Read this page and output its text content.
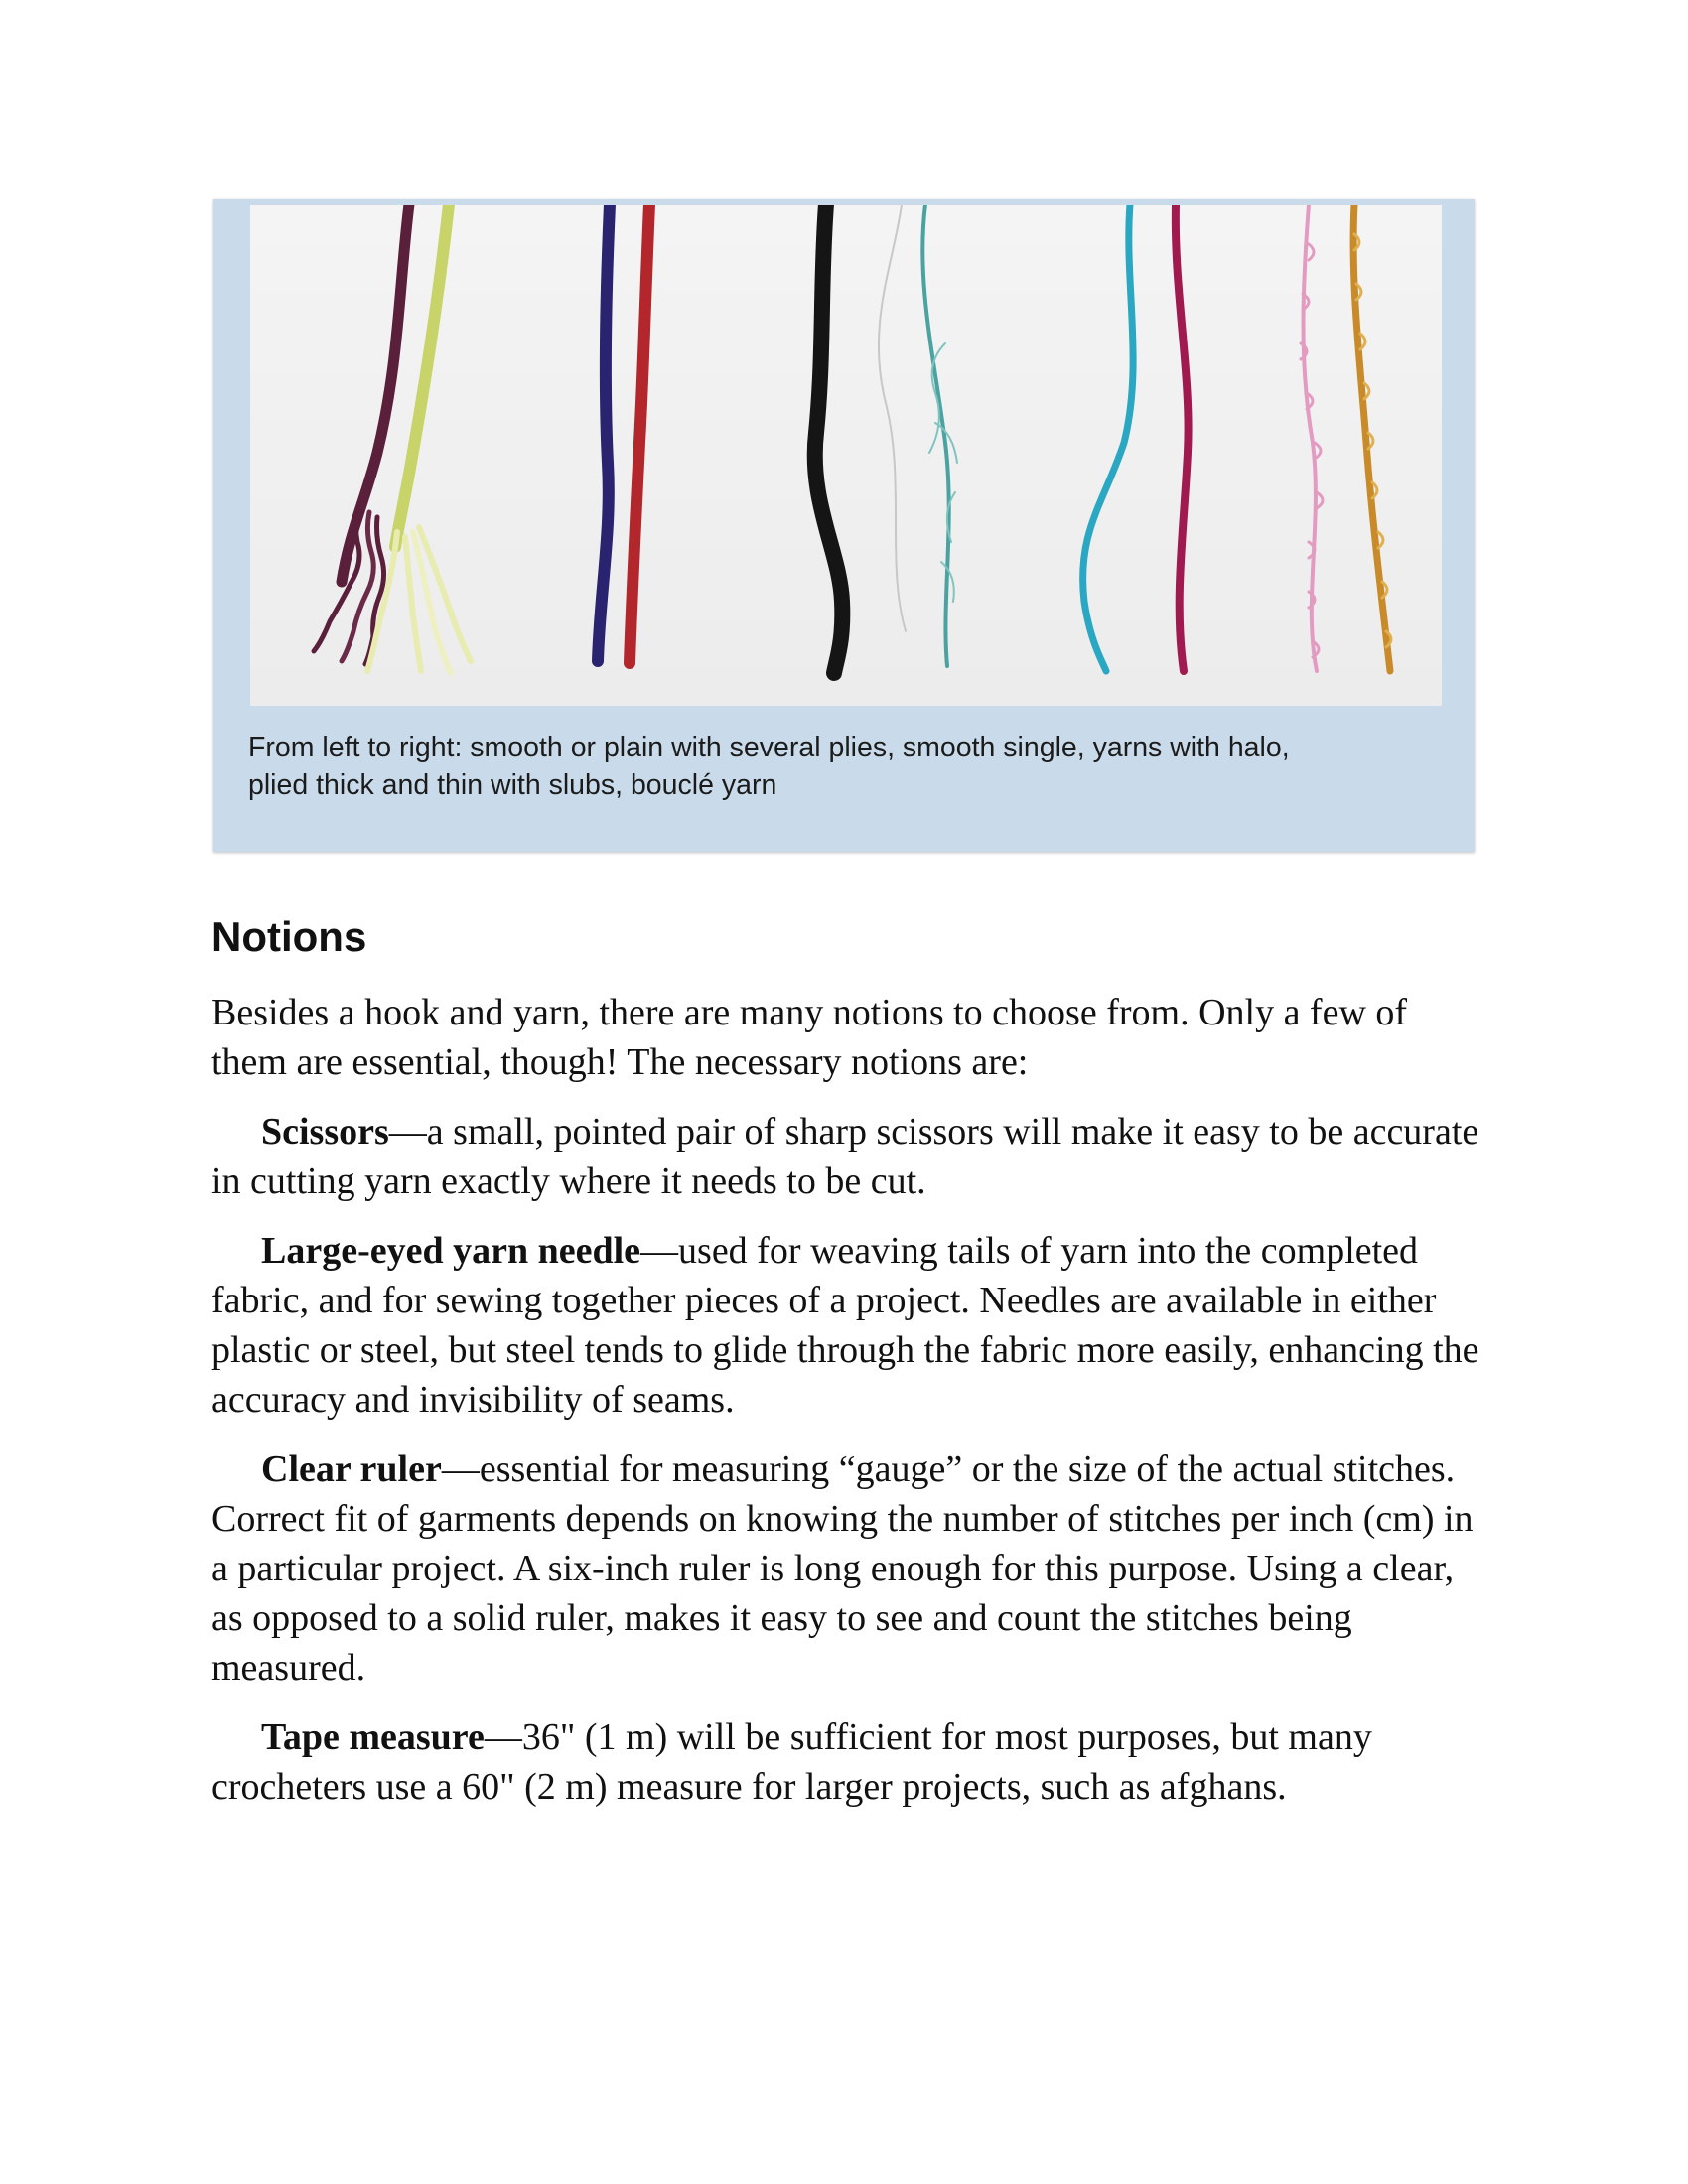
From left to right: smooth or plain with several plies, smooth single, yarns with halo,
plied thick and thin with slubs, bouclé yarn
Notions

Besides a hook and yarn, there are many notions to choose from. Only a few of them are essential, though! The necessary notions are:

Scissors—a small, pointed pair of sharp scissors will make it easy to be accurate in cutting yarn exactly where it needs to be cut.

Large-eyed yarn needle—used for weaving tails of yarn into the completed fabric, and for sewing together pieces of a project. Needles are available in either plastic or steel, but steel tends to glide through the fabric more easily, enhancing the accuracy and invisibility of seams.

Clear ruler—essential for measuring “gauge” or the size of the actual stitches. Correct fit of garments depends on knowing the number of stitches per inch (cm) in a particular project. A six-inch ruler is long enough for this purpose. Using a clear, as opposed to a solid ruler, makes it easy to see and count the stitches being measured.

Tape measure—36" (1 m) will be sufficient for most purposes, but many crocheters use a 60" (2 m) measure for larger projects, such as afghans.
